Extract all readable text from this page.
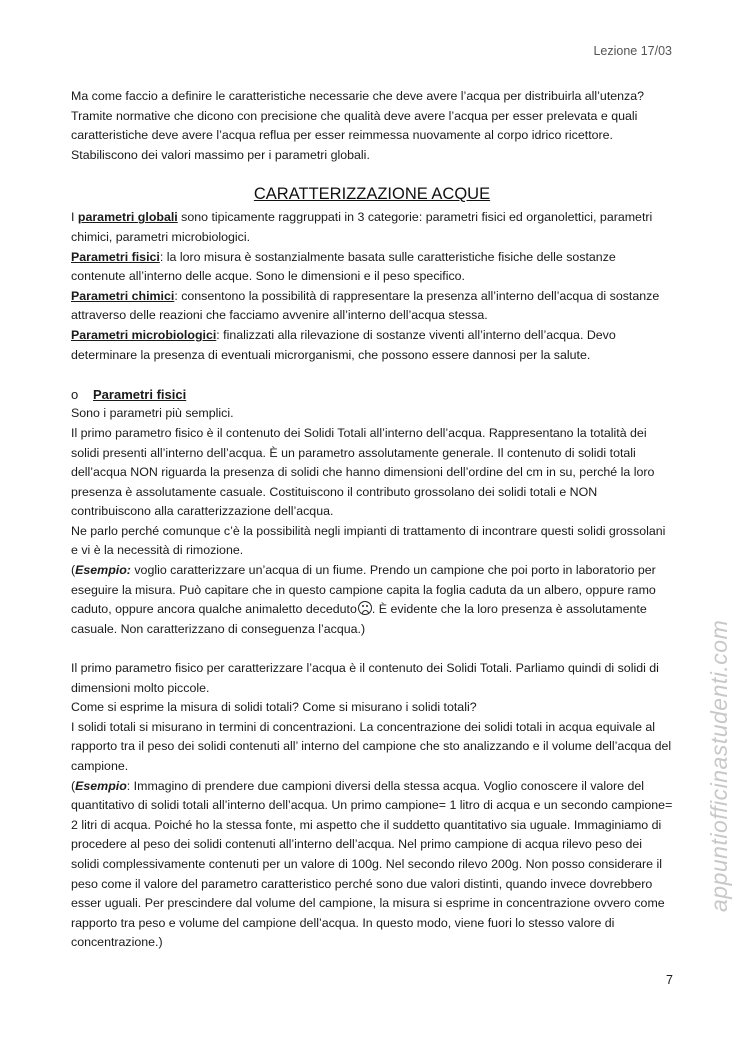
Lezione 17/03

Ma come faccio a definire le caratteristiche necessarie che deve avere l’acqua per distribuirla all’utenza? Tramite normative che dicono con precisione che qualità deve avere l’acqua per esser prelevata e quali caratteristiche deve avere l’acqua reflua per esser reimmessa nuovamente al corpo idrico ricettore. Stabiliscono dei valori massimo per i parametri globali.

CARATTERIZZAZIONE ACQUE

I parametri globali sono tipicamente raggruppati in 3 categorie: parametri fisici ed organolettici, parametri chimici, parametri microbiologici.

Parametri fisici: la loro misura è sostanzialmente basata sulle caratteristiche fisiche delle sostanze contenute all’interno delle acque. Sono le dimensioni e il peso specifico.

Parametri chimici: consentono la possibilità di rappresentare la presenza all’interno dell’acqua di sostanze attraverso delle reazioni che facciamo avvenire all’interno dell’acqua stessa.

Parametri microbiologici: finalizzati alla rilevazione di sostanze viventi all’interno dell’acqua. Devo determinare la presenza di eventuali microrganismi, che possono essere dannosi per la salute.

o	Parametri fisici

Sono i parametri più semplici.

Il primo parametro fisico è il contenuto dei Solidi Totali all’interno dell’acqua. Rappresentano la totalità dei solidi presenti all’interno dell’acqua. È un parametro assolutamente generale. Il contenuto di solidi totali dell’acqua NON riguarda la presenza di solidi che hanno dimensioni dell’ordine del cm in su, perché la loro presenza è assolutamente casuale. Costituiscono il contributo grossolano dei solidi totali e NON contribuiscono alla caratterizzazione dell’acqua.

Ne parlo perché comunque c’è la possibilità negli impianti di trattamento di incontrare questi solidi grossolani e vi è la necessità di rimozione.

(Esempio: voglio caratterizzare un’acqua di un fiume. Prendo un campione che poi porto in laboratorio per eseguire la misura. Può capitare che in questo campione capita la foglia caduta da un albero, oppure ramo caduto, oppure ancora qualche animaletto deceduto . È evidente che la loro presenza è assolutamente casuale. Non caratterizzano di conseguenza l’acqua.)

Il primo parametro fisico per caratterizzare l’acqua è il contenuto dei Solidi Totali. Parliamo quindi di solidi di dimensioni molto piccole.

Come si esprime la misura di solidi totali? Come si misurano i solidi totali?

I solidi totali si misurano in termini di concentrazioni. La concentrazione dei solidi totali in acqua equivale al rapporto tra il peso dei solidi contenuti all’ interno del campione che sto analizzando e il volume dell’acqua del campione.

(Esempio: Immagino di prendere due campioni diversi della stessa acqua. Voglio conoscere il valore del quantitativo di solidi totali all’interno dell’acqua. Un primo campione= 1 litro di acqua e un secondo campione= 2 litri di acqua. Poiché ho la stessa fonte, mi aspetto che il suddetto quantitativo sia uguale. Immaginiamo di procedere al peso dei solidi contenuti all’interno dell’acqua. Nel primo campione di acqua rilevo peso dei solidi complessivamente contenuti per un valore di 100g. Nel secondo rilevo 200g. Non posso considerare il peso come il valore del parametro caratteristico perché sono due valori distinti, quando invece dovrebbero esser uguali. Per prescindere dal volume del campione, la misura si esprime in concentrazione ovvero come rapporto tra peso e volume del campione dell’acqua. In questo modo, viene fuori lo stesso valore di concentrazione.)

7
appuntiofficinastudenti.com
